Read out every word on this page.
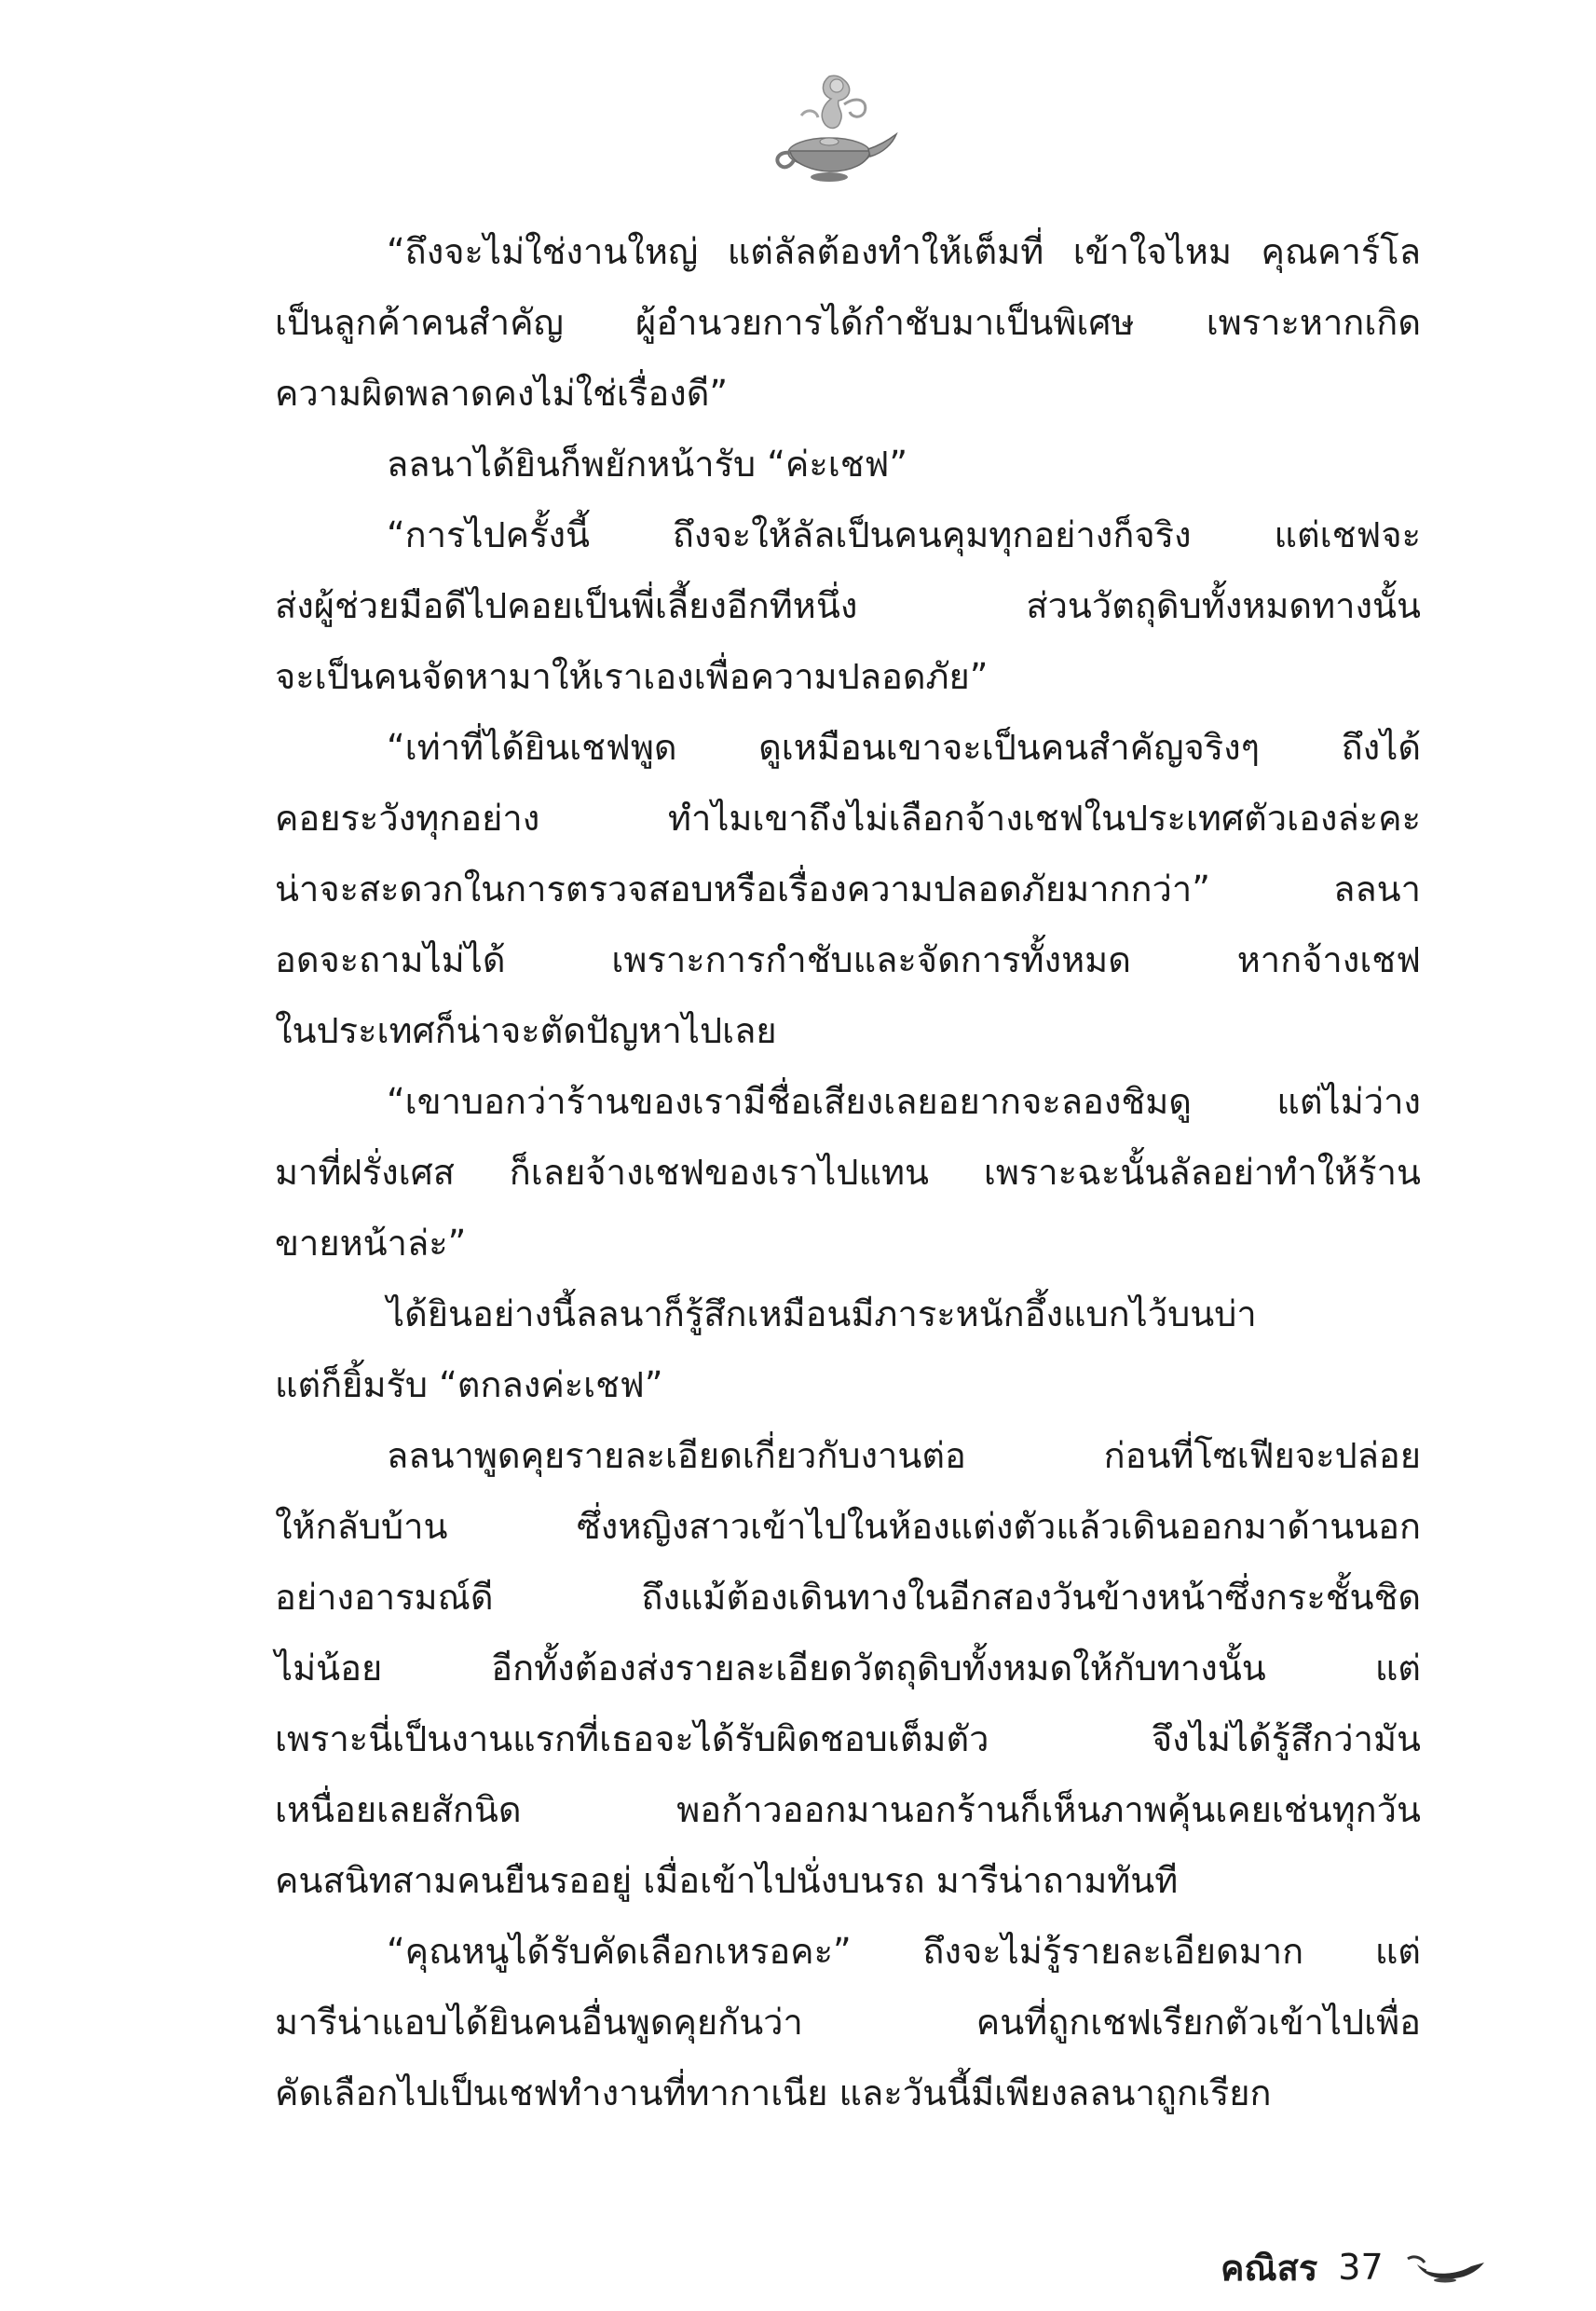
“ถึงจะไม่ใช่งานใหญ่ แต่ลัลต้องทำให้เต็มที่ เข้าใจไหม คุณคาร์โล
เป็นลูกค้าคนสำคัญ ผู้อำนวยการได้กำชับมาเป็นพิเศษ เพราะหากเกิด
ความผิดพลาดคงไม่ใช่เรื่องดี”
ลลนาได้ยินก็พยักหน้ารับ “ค่ะเชฟ”
“การไปครั้งนี้ ถึงจะให้ลัลเป็นคนคุมทุกอย่างก็จริง แต่เชฟจะ
ส่งผู้ช่วยมือดีไปคอยเป็นพี่เลี้ยงอีกทีหนึ่ง ส่วนวัตถุดิบทั้งหมดทางนั้น
จะเป็นคนจัดหามาให้เราเองเพื่อความปลอดภัย”
“เท่าที่ได้ยินเชฟพูด ดูเหมือนเขาจะเป็นคนสำคัญจริงๆ ถึงได้
คอยระวังทุกอย่าง ทำไมเขาถึงไม่เลือกจ้างเชฟในประเทศตัวเองล่ะคะ
น่าจะสะดวกในการตรวจสอบหรือเรื่องความปลอดภัยมากกว่า” ลลนา
อดจะถามไม่ได้ เพราะการกำชับและจัดการทั้งหมด หากจ้างเชฟ
ในประเทศก็น่าจะตัดปัญหาไปเลย
“เขาบอกว่าร้านของเรามีชื่อเสียงเลยอยากจะลองชิมดู แต่ไม่ว่าง
มาที่ฝรั่งเศส ก็เลยจ้างเชฟของเราไปแทน เพราะฉะนั้นลัลอย่าทำให้ร้าน
ขายหน้าล่ะ”
ได้ยินอย่างนี้ลลนาก็รู้สึกเหมือนมีภาระหนักอึ้งแบกไว้บนบ่า
แต่ก็ยิ้มรับ “ตกลงค่ะเชฟ”
ลลนาพูดคุยรายละเอียดเกี่ยวกับงานต่อ ก่อนที่โซเฟียจะปล่อย
ให้กลับบ้าน ซึ่งหญิงสาวเข้าไปในห้องแต่งตัวแล้วเดินออกมาด้านนอก
อย่างอารมณ์ดี ถึงแม้ต้องเดินทางในอีกสองวันข้างหน้าซึ่งกระชั้นชิด
ไม่น้อย อีกทั้งต้องส่งรายละเอียดวัตถุดิบทั้งหมดให้กับทางนั้น แต่
เพราะนี่เป็นงานแรกที่เธอจะได้รับผิดชอบเต็มตัว จึงไม่ได้รู้สึกว่ามัน
เหนื่อยเลยสักนิด พอก้าวออกมานอกร้านก็เห็นภาพคุ้นเคยเช่นทุกวัน
คนสนิทสามคนยืนรออยู่ เมื่อเข้าไปนั่งบนรถ มารีน่าถามทันที
“คุณหนูได้รับคัดเลือกเหรอคะ” ถึงจะไม่รู้รายละเอียดมาก แต่
มารีน่าแอบได้ยินคนอื่นพูดคุยกันว่า คนที่ถูกเชฟเรียกตัวเข้าไปเพื่อ
คัดเลือกไปเป็นเชฟทำงานที่ทากาเนีย และวันนี้มีเพียงลลนาถูกเรียก
คณิสร 37
